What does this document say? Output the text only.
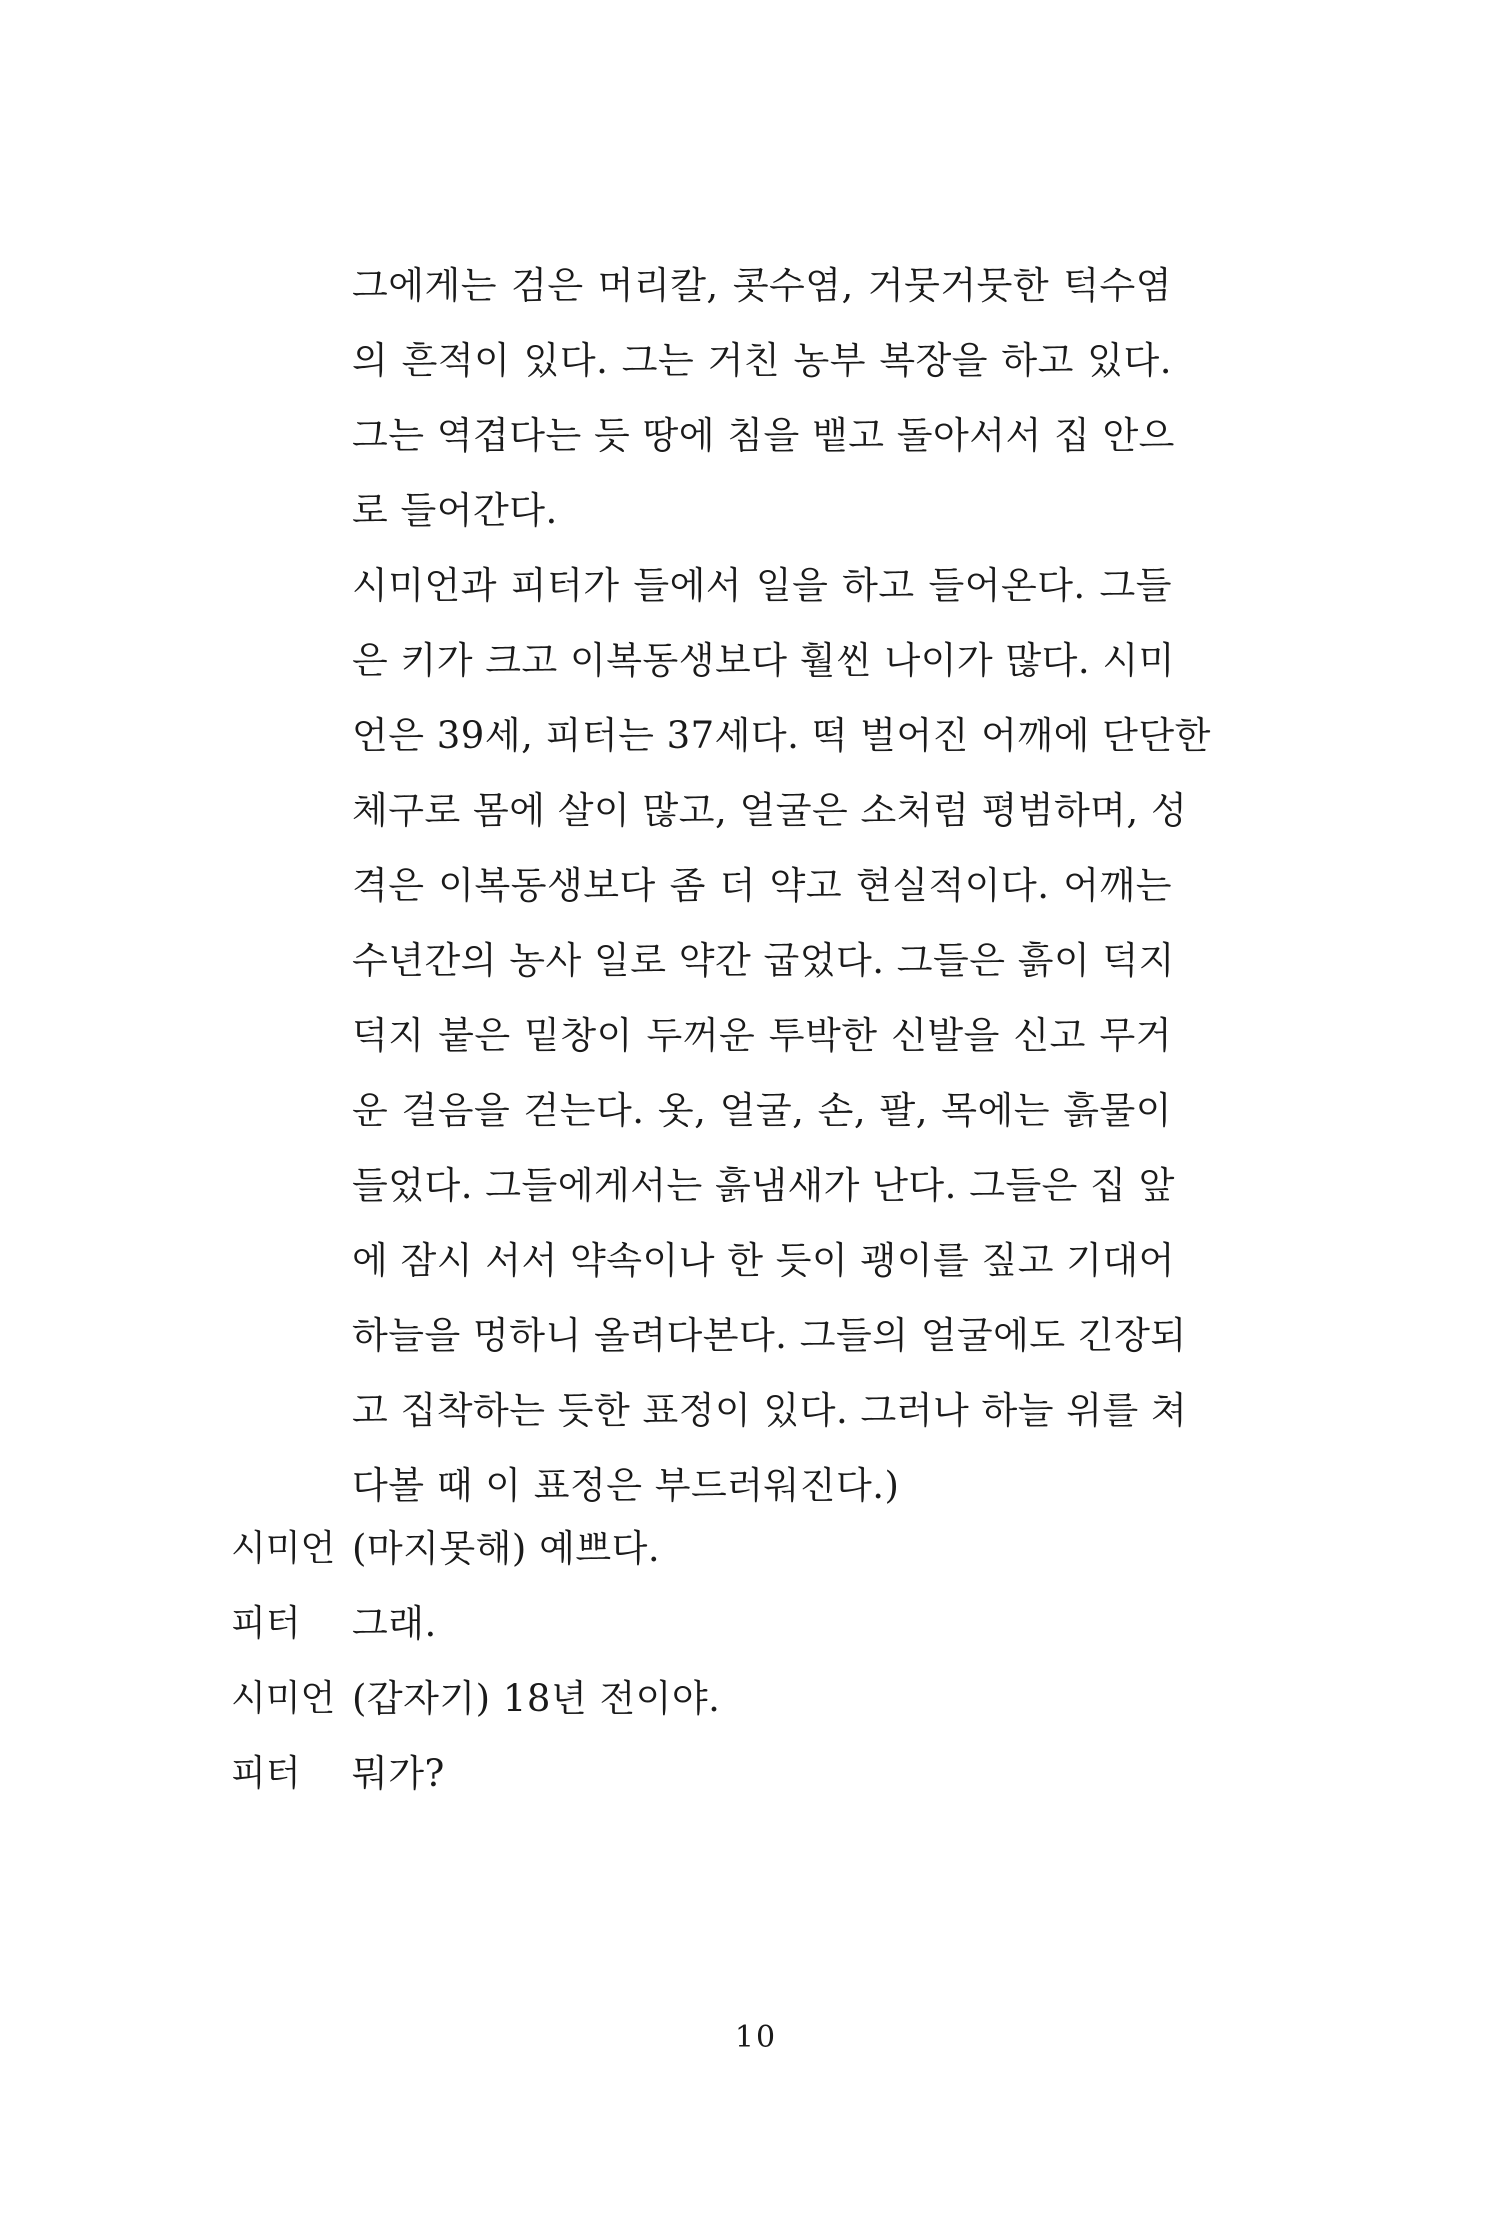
그에게는 검은 머리칼, 콧수염, 거뭇거뭇한 턱수염
의 흔적이 있다. 그는 거친 농부 복장을 하고 있다.
그는 역겹다는 듯 땅에 침을 뱉고 돌아서서 집 안으
로 들어간다.
시미언과 피터가 들에서 일을 하고 들어온다. 그들
은 키가 크고 이복동생보다 훨씬 나이가 많다. 시미
언은 39세, 피터는 37세다. 떡 벌어진 어깨에 단단한
체구로 몸에 살이 많고, 얼굴은 소처럼 평범하며, 성
격은 이복동생보다 좀 더 약고 현실적이다. 어깨는
수년간의 농사 일로 약간 굽었다. 그들은 흙이 덕지
덕지 붙은 밑창이 두꺼운 투박한 신발을 신고 무거
운 걸음을 걷는다. 옷, 얼굴, 손, 팔, 목에는 흙물이
들었다. 그들에게서는 흙냄새가 난다. 그들은 집 앞
에 잠시 서서 약속이나 한 듯이 괭이를 짚고 기대어
하늘을 멍하니 올려다본다. 그들의 얼굴에도 긴장되
고 집착하는 듯한 표정이 있다. 그러나 하늘 위를 쳐
다볼 때 이 표정은 부드러워진다.)
시미언 (마지못해) 예쁘다.
피터	그래.
시미언 (갑자기) 18년 전이야.
피터	뭐가?
10
